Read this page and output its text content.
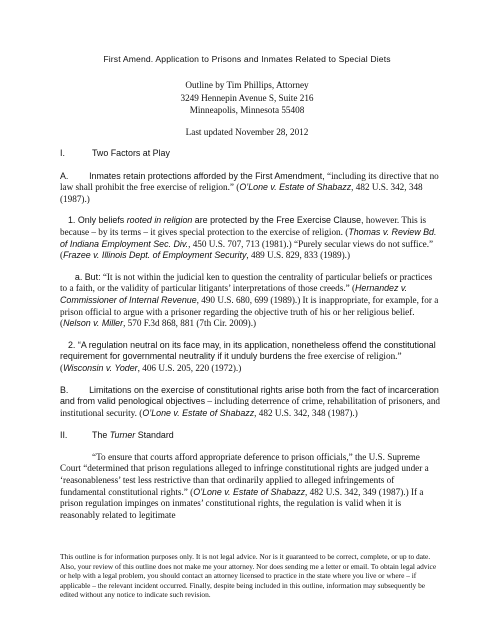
First Amend. Application to Prisons and Inmates Related to Special Diets
Outline by Tim Phillips, Attorney
3249 Hennepin Avenue S, Suite 216
Minneapolis, Minnesota 55408
Last updated November 28, 2012

I.	Two Factors at Play

A. Inmates retain protections afforded by the First Amendment, “including its directive that no law shall prohibit the free exercise of religion.” (O’Lone v. Estate of Shabazz, 482 U.S. 342, 348 (1987).)

1. Only beliefs rooted in religion are protected by the Free Exercise Clause, however. This is because – by its terms – it gives special protection to the exercise of religion. (Thomas v. Review Bd. of Indiana Employment Sec. Div., 450 U.S. 707, 713 (1981).) “Purely secular views do not suffice.” (Frazee v. Illinois Dept. of Employment Security, 489 U.S. 829, 833 (1989).)

a. But: “It is not within the judicial ken to question the centrality of particular beliefs or practices to a faith, or the validity of particular litigants’ interpretations of those creeds.” (Hernandez v. Commissioner of Internal Revenue, 490 U.S. 680, 699 (1989).) It is inappropriate, for example, for a prison official to argue with a prisoner regarding the objective truth of his or her religious belief. (Nelson v. Miller, 570 F.3d 868, 881 (7th Cir. 2009).)

2. “A regulation neutral on its face may, in its application, nonetheless offend the constitutional requirement for governmental neutrality if it unduly burdens the free exercise of religion.” (Wisconsin v. Yoder, 406 U.S. 205, 220 (1972).)

B. Limitations on the exercise of constitutional rights arise both from the fact of incarceration and from valid penological objectives – including deterrence of crime, rehabilitation of prisoners, and institutional security. (O’Lone v. Estate of Shabazz, 482 U.S. 342, 348 (1987).)

II.	The Turner Standard

“To ensure that courts afford appropriate deference to prison officials,” the U.S. Supreme Court “determined that prison regulations alleged to infringe constitutional rights are judged under a ‘reasonableness’ test less restrictive than that ordinarily applied to alleged infringements of fundamental constitutional rights.” (O’Lone v. Estate of Shabazz, 482 U.S. 342, 349 (1987).) If a prison regulation impinges on inmates’ constitutional rights, the regulation is valid when it is reasonably related to legitimate

This outline is for information purposes only. It is not legal advice. Nor is it guaranteed to be correct, complete, or up to date. Also, your review of this outline does not make me your attorney. Nor does sending me a letter or email. To obtain legal advice or help with a legal problem, you should contact an attorney licensed to practice in the state where you live or where – if applicable – the relevant incident occurred. Finally, despite being included in this outline, information may subsequently be edited without any notice to indicate such revision.
